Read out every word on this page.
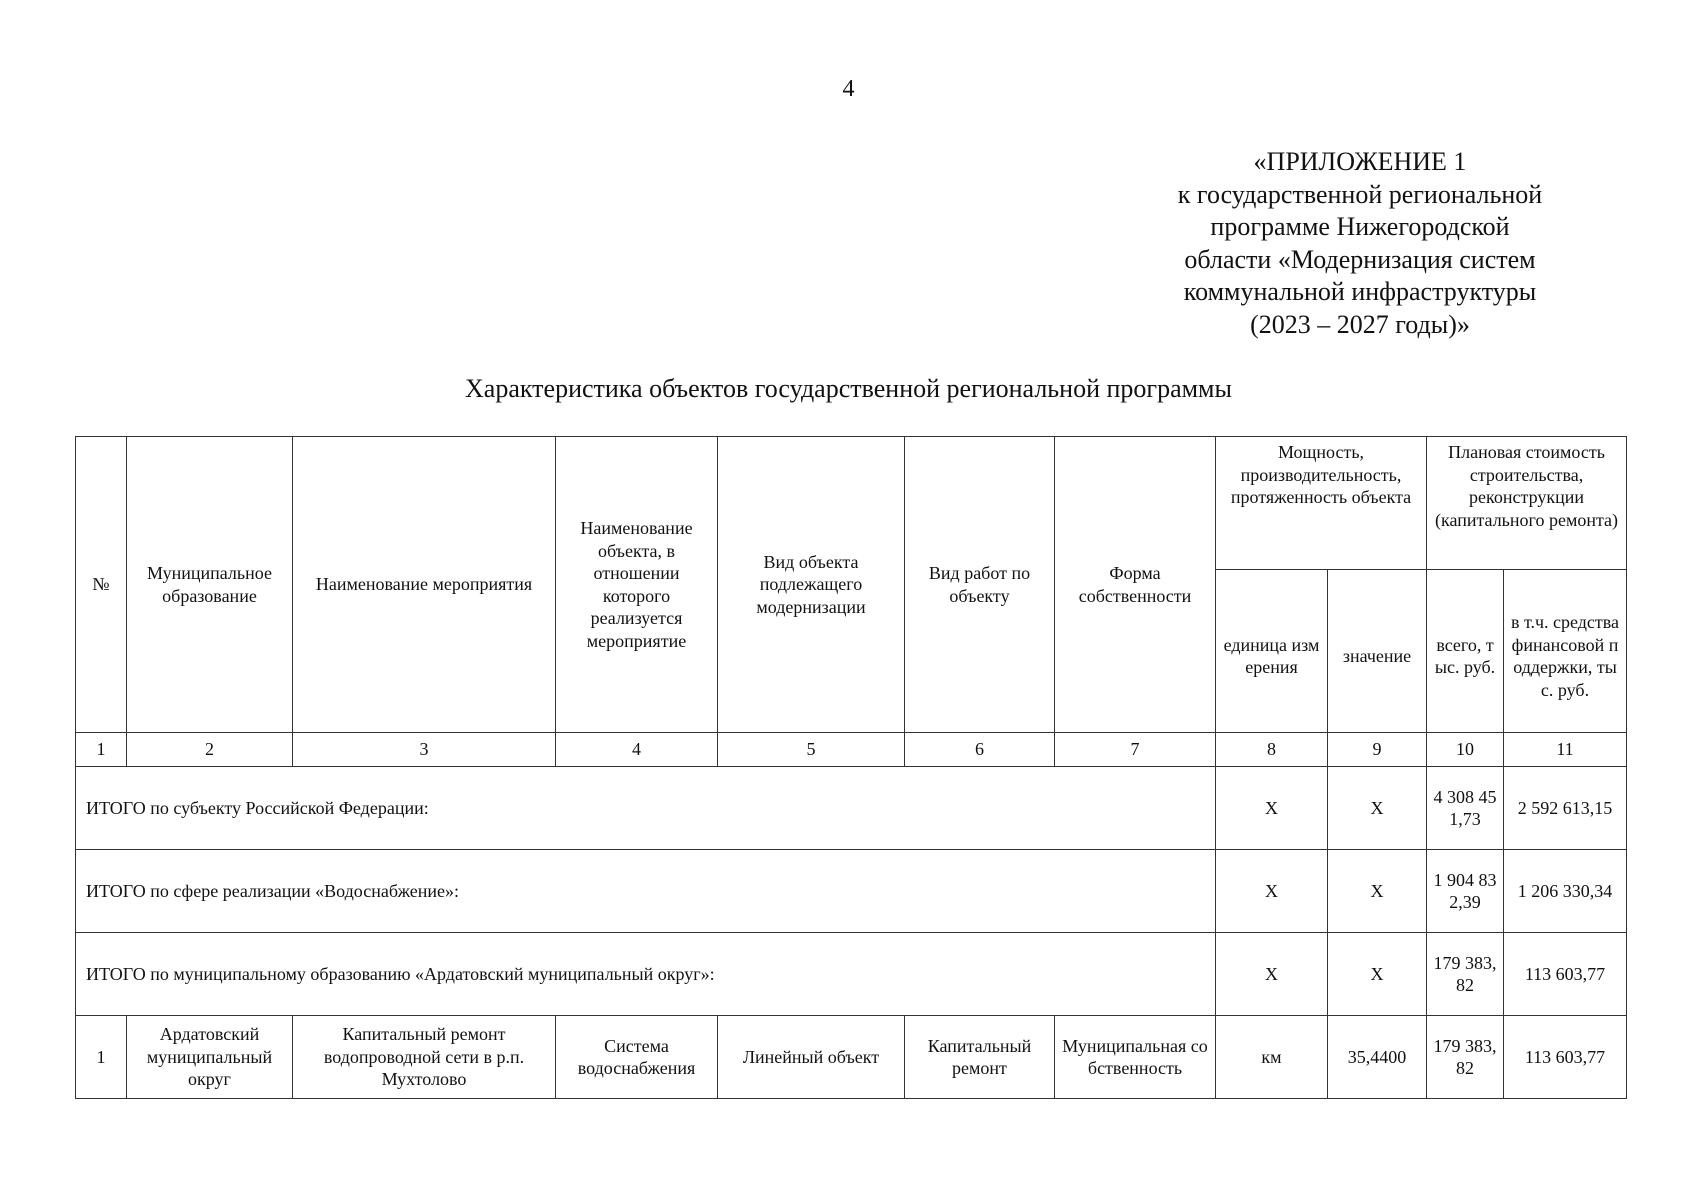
4
«ПРИЛОЖЕНИЕ 1
к государственной региональной
программе Нижегородской
области «Модернизация систем
коммунальной инфраструктуры
(2023 – 2027 годы)»
Характеристика объектов государственной региональной программы
№	Муниципальное образование	Наименование мероприятия	Наименование объекта, в отношении которого реализуется мероприятие	Вид объекта подлежащего модернизации	Вид работ по объекту	Форма собственности	Мощность, производительность, протяженность объекта		Плановая стоимость строительства, реконструкции (капитального ремонта)	
							единица измерения	значение	всего, тыс. руб.	в т.ч. средства финансовой поддержки, тыс. руб.
1	2	3	4	5	6	7	8	9	10	11
ИТОГО по субъекту Российской Федерации:							Х	Х	4 308 451,73	2 592 613,15
ИТОГО по сфере реализации «Водоснабжение»:							Х	Х	1 904 832,39	1 206 330,34
ИТОГО по муниципальному образованию «Ардатовский муниципальный округ»:							Х	Х	179 383,82	113 603,77
1	Ардатовский муниципальный округ	Капитальный ремонт водопроводной сети в р.п. Мухтолово	Система водоснабжения	Линейный объект	Капитальный ремонт	Муниципальная собственность	км	35,4400	179 383,82	113 603,77
